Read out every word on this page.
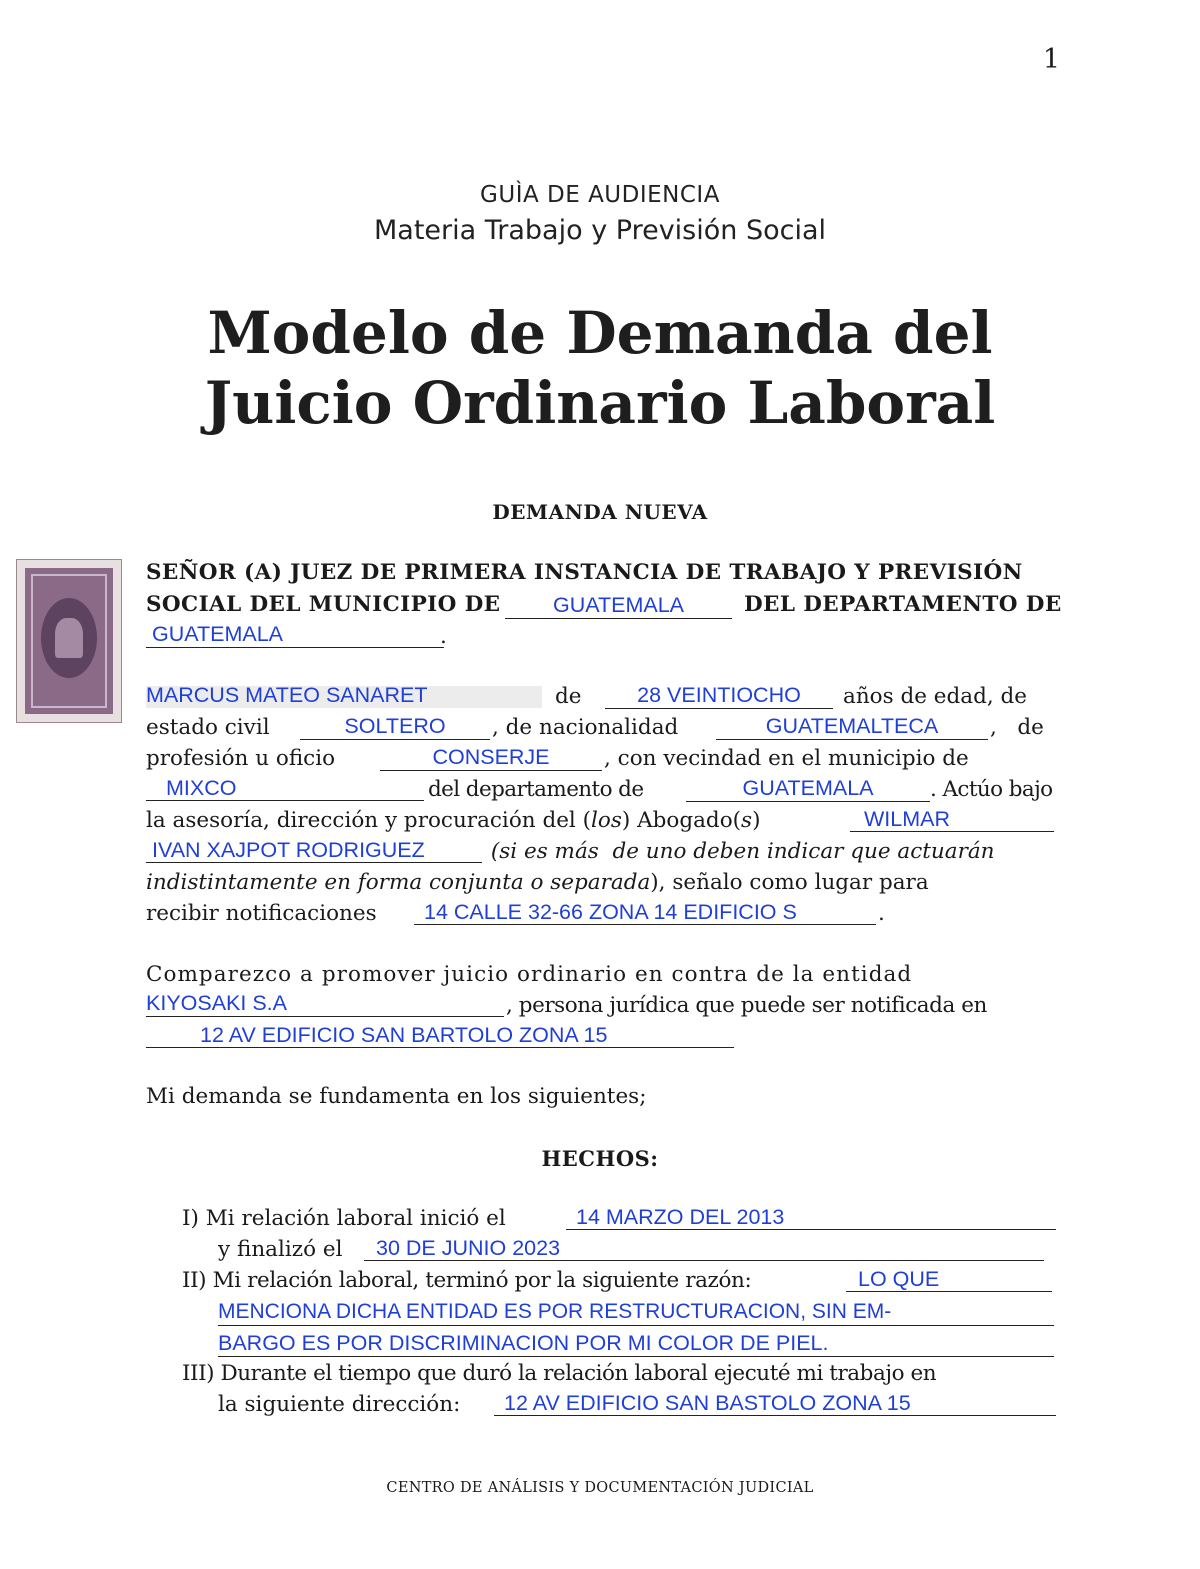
1
GUÌA DE AUDIENCIA
Materia Trabajo y Previsión Social
Modelo de Demanda del
Juicio Ordinario Laboral
DEMANDA NUEVA
SEÑOR (A) JUEZ DE PRIMERA INSTANCIA DE TRABAJO Y PREVISIÓN
SOCIAL DEL MUNICIPIO DE	GUATEMALA	DEL DEPARTAMENTO DE
GUATEMALA	.
MARCUS MATEO SANARET	de	28 VEINTIOCHO	años de edad, de
estado civil	SOLTERO	, de nacionalidad	GUATEMALTECA	,   de
profesión u oficio	CONSERJE	, con vecindad en el municipio de
MIXCO	del departamento de	GUATEMALA	. Actúo bajo
la asesoría, dirección y procuración del (los) Abogado(s)	WILMAR
IVAN XAJPOT RODRIGUEZ	(si es más  de uno deben indicar que actuarán
indistintamente en forma conjunta o separada), señalo como lugar para
recibir notificaciones	14 CALLE 32-66 ZONA 14 EDIFICIO S	.
Comparezco a promover juicio ordinario en contra de la entidad
KIYOSAKI S.A	, persona jurídica que puede ser notificada en
12 AV EDIFICIO SAN BARTOLO ZONA 15
Mi demanda se fundamenta en los siguientes;
HECHOS:
I) Mi relación laboral inició el	14 MARZO DEL 2013
y finalizó el	30 DE JUNIO 2023
II) Mi relación laboral, terminó por la siguiente razón:	LO QUE
MENCIONA DICHA ENTIDAD ES POR RESTRUCTURACION, SIN EM-
BARGO ES POR DISCRIMINACION POR MI COLOR DE PIEL.
III) Durante el tiempo que duró la relación laboral ejecuté mi trabajo en
la siguiente dirección:	12 AV EDIFICIO SAN BASTOLO ZONA 15
CENTRO DE ANÁLISIS Y DOCUMENTACIÓN JUDICIAL
